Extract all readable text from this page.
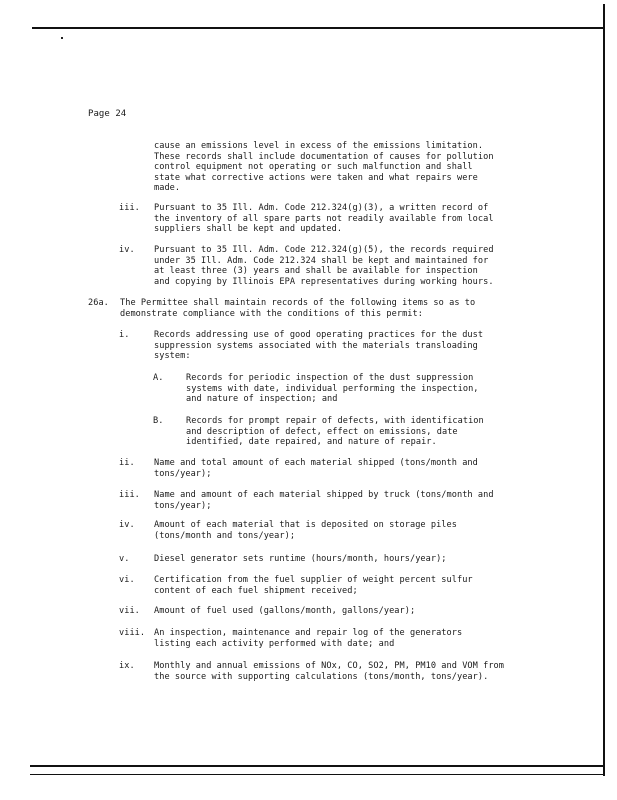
Page 24
cause an emissions level in excess of the emissions limitation.
These records shall include documentation of causes for pollution
control equipment not operating or such malfunction and shall
state what corrective actions were taken and what repairs were
made.
iii. Pursuant to 35 Ill. Adm. Code 212.324(g)(3), a written record of
the inventory of all spare parts not readily available from local
suppliers shall be kept and updated.
iv. Pursuant to 35 Ill. Adm. Code 212.324(g)(5), the records required
under 35 Ill. Adm. Code 212.324 shall be kept and maintained for
at least three (3) years and shall be available for inspection
and copying by Illinois EPA representatives during working hours.
26a. The Permittee shall maintain records of the following items so as to
demonstrate compliance with the conditions of this permit:
i.	Records addressing use of good operating practices for the dust
suppression systems associated with the materials transloading
system:
A.	Records for periodic inspection of the dust suppression
systems with date, individual performing the inspection,
and nature of inspection; and
B.	Records for prompt repair of defects, with identification
and description of defect, effect on emissions, date
identified, date repaired, and nature of repair.
ii. Name and total amount of each material shipped (tons/month and
tons/year);
iii. Name and amount of each material shipped by truck (tons/month and
tons/year);
iv. Amount of each material that is deposited on storage piles
(tons/month and tons/year);
v.	Diesel generator sets runtime (hours/month, hours/year);
vi. Certification from the fuel supplier of weight percent sulfur
content of each fuel shipment received;
vii. Amount of fuel used (gallons/month, gallons/year);
viii. An inspection, maintenance and repair log of the generators
listing each activity performed with date; and
ix. Monthly and annual emissions of NOx, CO, SO2, PM, PM10 and VOM from
the source with supporting calculations (tons/month, tons/year).
